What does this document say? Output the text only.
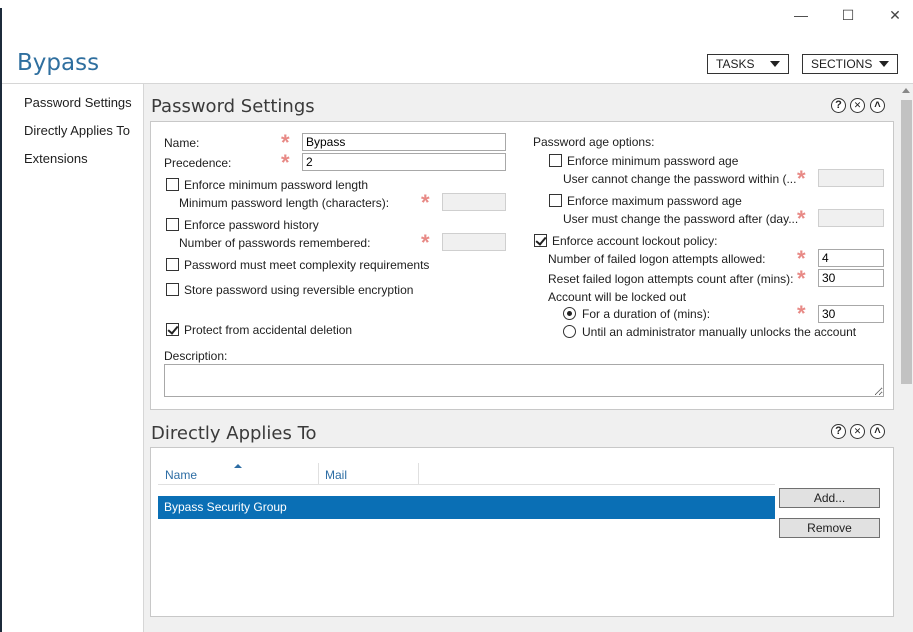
—	☐	✕
Bypass	TASKS	SECTIONS
Password Settings
Directly Applies To
Extensions
Password Settings	?	✕	˄
Name:	*
Bypass
Precedence: *
2
Enforce minimum password length
Minimum password length (characters): *
Enforce password history
Number of passwords remembered: *
Password must meet complexity requirements
Store password using reversible encryption
Protect from accidental deletion
Description:
Password age options:
Enforce minimum password age
User cannot change the password within (... *
Enforce maximum password age
User must change the password after (day...
*
Enforce account lockout policy:
Number of failed logon attempts allowed: *
4
Reset failed logon attempts count after (mins): *
30
Account will be locked out
For a duration of (mins):	*
30
Until an administrator manually unlocks the account
Directly Applies To	?	✕	˄
Name	Mail
Bypass Security Group
Add...
Remove
